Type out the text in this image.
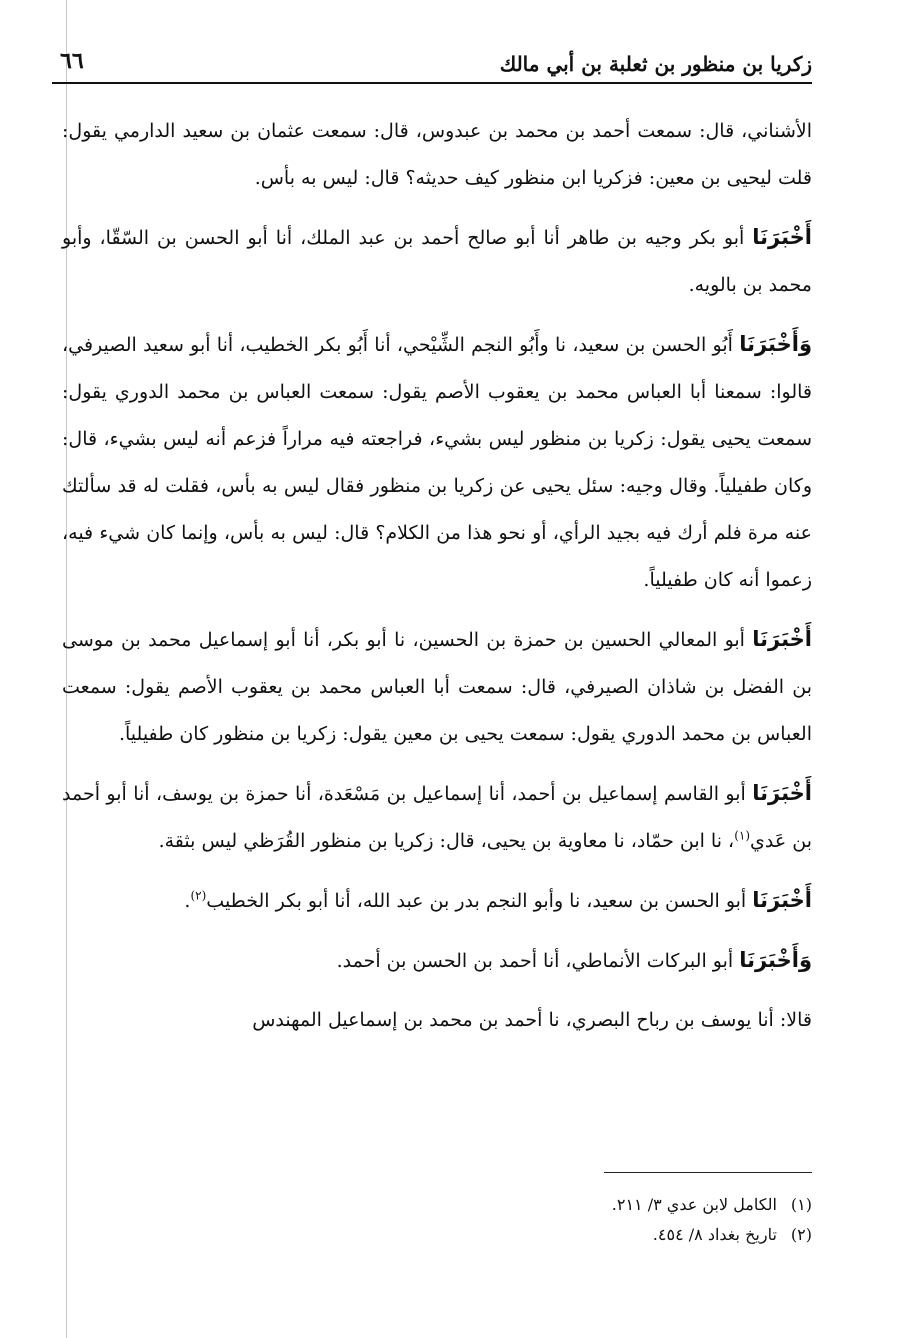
زكريا بن منظور بن ثعلبة بن أبي مالك
٦٦

الأشناني، قال: سمعت أحمد بن محمد بن عبدوس، قال: سمعت عثمان بن سعيد الدارمي يقول: قلت ليحيى بن معين: فزكريا ابن منظور كيف حديثه؟ قال: ليس به بأس.

أَخْبَرَنَا أبو بكر وجيه بن طاهر أنا أبو صالح أحمد بن عبد الملك، أنا أبو الحسن بن السّقّا، وأبو محمد بن بالويه.

وَأَخْبَرَنَا أَبُو الحسن بن سعيد، نا وأَبُو النجم الشِّيْحي، أنا أَبُو بكر الخطيب، أنا أبو سعيد الصيرفي، قالوا: سمعنا أبا العباس محمد بن يعقوب الأصم يقول: سمعت العباس بن محمد الدوري يقول: سمعت يحيى يقول: زكريا بن منظور ليس بشيء، فراجعته فيه مراراً فزعم أنه ليس بشيء، قال: وكان طفيلياً. وقال وجيه: سئل يحيى عن زكريا بن منظور فقال ليس به بأس، فقلت له قد سألتك عنه مرة فلم أرك فيه بجيد الرأي، أو نحو هذا من الكلام؟ قال: ليس به بأس، وإنما كان شيء فيه، زعموا أنه كان طفيلياً.

أَخْبَرَنَا أبو المعالي الحسين بن حمزة بن الحسين، نا أبو بكر، أنا أبو إسماعيل محمد بن موسى بن الفضل بن شاذان الصيرفي، قال: سمعت أبا العباس محمد بن يعقوب الأصم يقول: سمعت العباس بن محمد الدوري يقول: سمعت يحيى بن معين يقول: زكريا بن منظور كان طفيلياً.

أَخْبَرَنَا أبو القاسم إسماعيل بن أحمد، أنا إسماعيل بن مَسْعَدة، أنا حمزة بن يوسف، أنا أبو أحمد بن عَدي$^{(١)}$، نا ابن حمّاد، نا معاوية بن يحيى، قال: زكريا بن منظور القُرَظي ليس بثقة.

أَخْبَرَنَا أبو الحسن بن سعيد، نا وأبو النجم بدر بن عبد الله، أنا أبو بكر الخطيب$^{(٢)}$.

وَأَخْبَرَنَا أبو البركات الأنماطي، أنا أحمد بن الحسن بن أحمد.

قالا: أنا يوسف بن رباح البصري، نا أحمد بن محمد بن إسماعيل المهندس

(١)الكامل لابن عدي ٣/ ٢١١.
(٢)تاريخ بغداد ٨/ ٤٥٤.
